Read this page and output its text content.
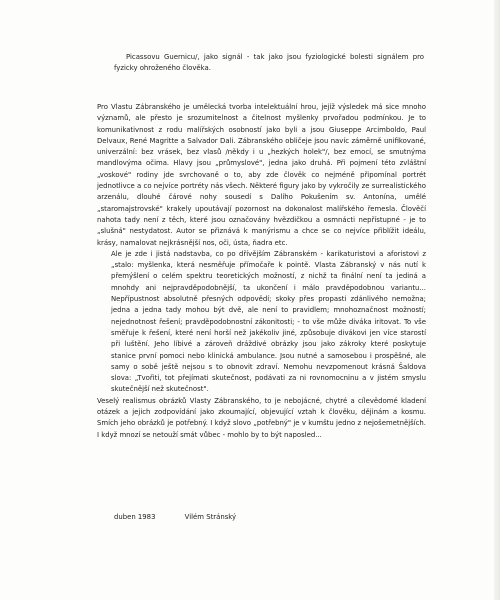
Picassovu Guernicu/, jako signál - tak jako jsou fyziologické bolesti signálem pro fyzicky ohroženého člověka.

Pro Vlastu Zábranského je umělecká tvorba intelektuální hrou, jejíž výsledek má sice mnoho významů, ale přesto je srozumitelnost a čitelnost myšlenky prvořadou podmínkou. Je to komunikativnost z rodu malířských osobností jako byli a jsou Giuseppe Arcimboldo, Paul Delvaux, René Magritte a Salvador Dali. Zábranského obličeje jsou navíc záměrně unifikované, univerzální: bez vrásek, bez vlasů /někdy i u „hezkých holek"/, bez emocí, se smutnýma mandlovýma očima. Hlavy jsou „průmyslové", jedna jako druhá. Při pojmení této zvláštní „voskové" rodiny jde svrchovaně o to, aby zde člověk co nejméně připomínal portrét jednotlivce a co nejvíce portréty nás všech. Některé figury jako by vykročily ze surrealistického arzenálu, dlouhé čárové nohy sousedí s Dalího Pokušením sv. Antonína, umělé „staromajstrovské" krakely upoutávají pozornost na dokonalost malířského řemesla. Člověčí nahota tady není z těch, které jsou označovány hvězdičkou a osmnácti nepřístupné - je to „slušná" nestydatost. Autor se přiznává k manýrismu a chce se co nejvíce přiblížit ideálu, krásy, namalovat nejkrásnější nos, oči, ústa, ňadra etc.

Ale je zde i jistá nadstavba, co po dřívějším Zábranském - karikaturistovi a aforistovi z „stalo: myšlenka, která nesměřuje přímočaře k pointě. Vlasta Zábranský v nás nutí k přemýšlení o celém spektru teoretických možností, z nichž ta finální není ta jediná a mnohdy ani nejpravděpodobnější, ta ukončení i málo pravděpodobnou variantu... Nepřípustnost absolutně přesných odpovědí; skoky přes propasti zdánlivého nemožna; jedna a jedna tady mohou být dvě, ale není to pravidlem; mnohoznačnost možností; nejednotnost řešení; pravděpodobnostní zákonitosti; - to vše může diváka iritovat. To vše směřuje k řešení, které není horší než jakékoliv jiné, způsobuje divákovi jen více starostí při luštění. Jeho líbivé a zároveň dráždivé obrázky jsou jako zákroky které poskytuje stanice první pomoci nebo klinická ambulance. Jsou nutné a samosebou i prospěšné, ale samy o sobě ještě nejsou s to obnovit zdraví. Nemohu nevzpomenout krásná Šaldova slova: „Tvořiti, tot přejímati skutečnost, podávati za ni rovnomocninu a v jistém smyslu skutečnější než skutečnost".

Veselý realismus obrázků Vlasty Zábranského, to je nebojácné, chytré a cílevědomé kladení otázek a jejich zodpovídání jako zkoumající, objevující vztah k člověku, dějinám a kosmu. Smích jeho obrázků je potřebný. I když slovo „potřebný" je v kumštu jedno z nejošemetnějších. I když mnozí se netouží smát vůbec - mohlo by to být naposled...

duben 1983	Vilém Stránský
